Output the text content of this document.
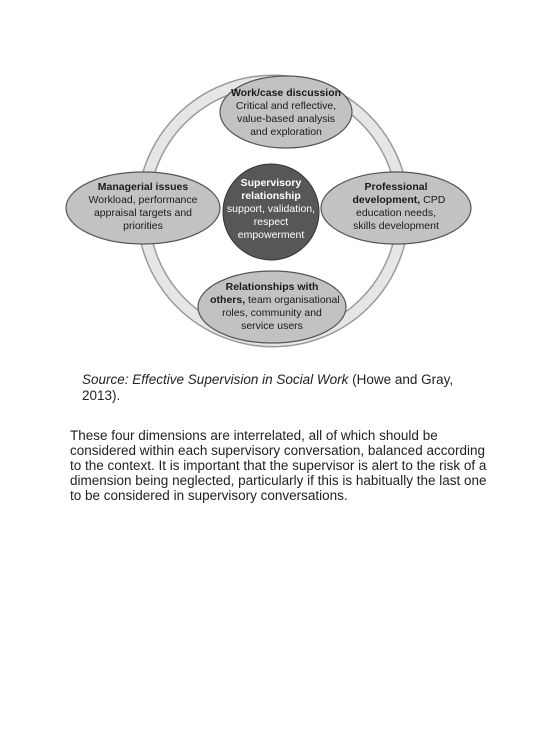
Work/case discussion
Critical and reflective,
value-based analysis
and exploration
Managerial issues
Workload, performance
appraisal targets and
priorities
Professional
development, CPD
education needs,
skills development
Relationships with
others, team organisational
roles, community and
service users
Supervisory
relationship
support, validation,
respect
empowerment
Source: Effective Supervision in Social Work (Howe and Gray, 2013).
These four dimensions are interrelated, all of which should be considered within each supervisory conversation, balanced according to the context. It is important that the supervisor is alert to the risk of a dimension being neglected, particularly if this is habitually the last one to be considered in supervisory conversations.
